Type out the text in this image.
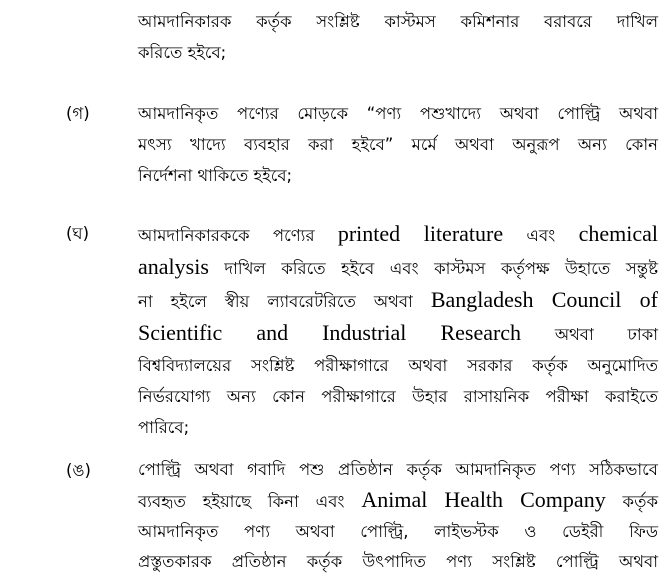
আমদানিকারক কর্তৃক সংশ্লিষ্ট কাস্টমস কমিশনার বরাবরে দাখিল
করিতে হইবে;
(গ)	আমদানিকৃত পণ্যের মোড়কে “পণ্য পশুখাদ্যে অথবা পোল্ট্রি অথবা
মৎস্য খাদ্যে ব্যবহার করা হইবে” মর্মে অথবা অনুরূপ অন্য কোন
নির্দেশনা থাকিতে হইবে;
(ঘ)	আমদানিকারককে পণ্যের printed literature এবং chemical
analysis দাখিল করিতে হইবে এবং কাস্টমস কর্তৃপক্ষ উহাতে সন্তুষ্ট
না হইলে স্বীয় ল্যাবরেটরিতে অথবা Bangladesh Council of
Scientific and Industrial Research অথবা ঢাকা
বিশ্ববিদ্যালয়ের সংশ্লিষ্ট পরীক্ষাগারে অথবা সরকার কর্তৃক অনুমোদিত
নির্ভরযোগ্য অন্য কোন পরীক্ষাগারে উহার রাসায়নিক পরীক্ষা করাইতে
পারিবে;
(ঙ)	পোল্ট্রি অথবা গবাদি পশু প্রতিষ্ঠান কর্তৃক আমদানিকৃত পণ্য সঠিকভাবে
ব্যবহৃত হইয়াছে কিনা এবং Animal Health Company কর্তৃক
আমদানিকৃত পণ্য অথবা পোল্ট্রি, লাইভস্টক ও ডেইরী ফিড
প্রস্তুতকারক প্রতিষ্ঠান কর্তৃক উৎপাদিত পণ্য সংশ্লিষ্ট পোল্ট্রি অথবা
